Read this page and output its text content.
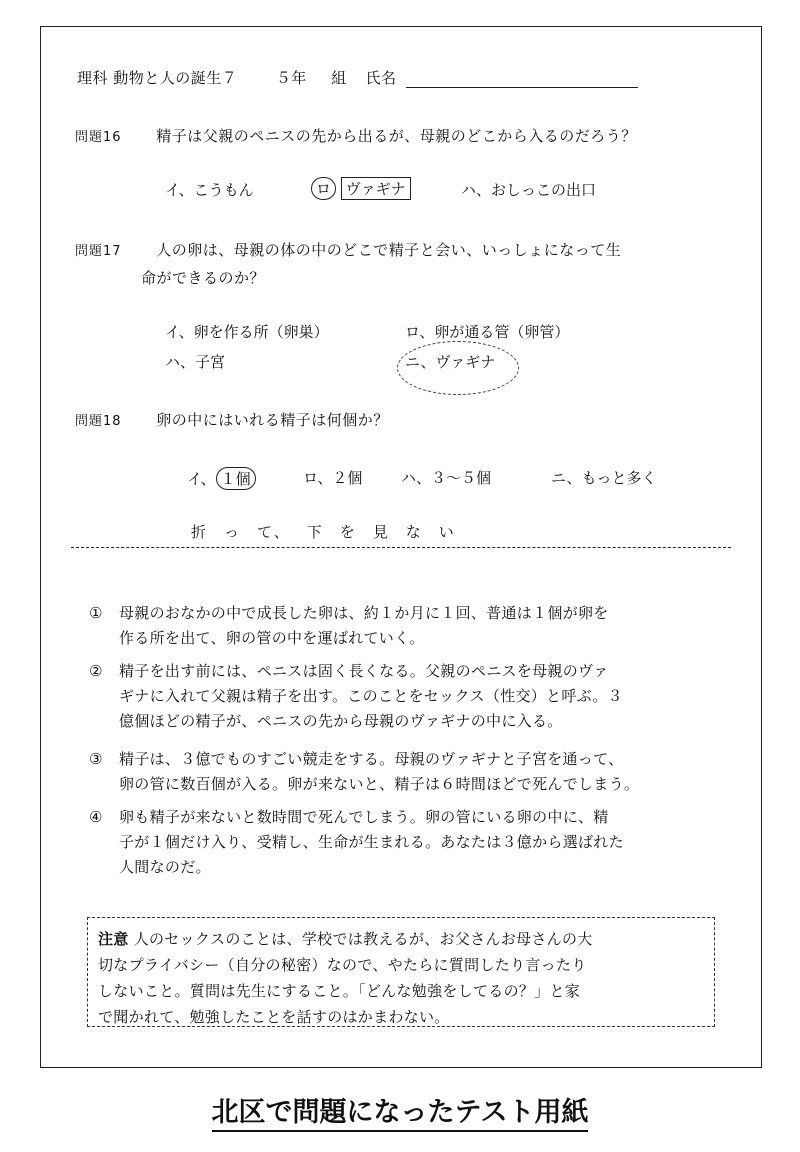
理科 動物と人の誕生７	５年 組 氏名
問題16 精子は父親のペニスの先から出るが、母親のどこから入るのだろう？
イ、こうもん	ロ ヴァギナ	ハ、おしっこの出口
問題17 人の卵は、母親の体の中のどこで精子と会い、いっしょになって生
命ができるのか？
イ、卵を作る所（卵巣）	ロ、卵が通る管（卵管）
ハ、子宮	ニ、ヴァギナ
問題18 卵の中にはいれる精子は何個か？
イ、 １個	ロ、２個	ハ、３～５個	ニ、もっと多く
折 っ て、 下 を 見 な い
① 母親のおなかの中で成長した卵は、約１か月に１回、普通は１個が卵を
作る所を出て、卵の管の中を運ばれていく。
② 精子を出す前には、ペニスは固く長くなる。父親のペニスを母親のヴァ
ギナに入れて父親は精子を出す。このことをセックス（性交）と呼ぶ。３
億個ほどの精子が、ペニスの先から母親のヴァギナの中に入る。
③ 精子は、３億でものすごい競走をする。母親のヴァギナと子宮を通って、
卵の管に数百個が入る。卵が来ないと、精子は６時間ほどで死んでしまう。
④ 卵も精子が来ないと数時間で死んでしまう。卵の管にいる卵の中に、精
子が１個だけ入り、受精し、生命が生まれる。あなたは３億から選ばれた
人間なのだ。
注意 人のセックスのことは、学校では教えるが、お父さんお母さんの大
切なプライバシー（自分の秘密）なので、やたらに質問したり言ったり
しないこと。質問は先生にすること。「どんな勉強をしてるの？」と家
で聞かれて、勉強したことを話すのはかまわない。
北区で問題になったテスト用紙
